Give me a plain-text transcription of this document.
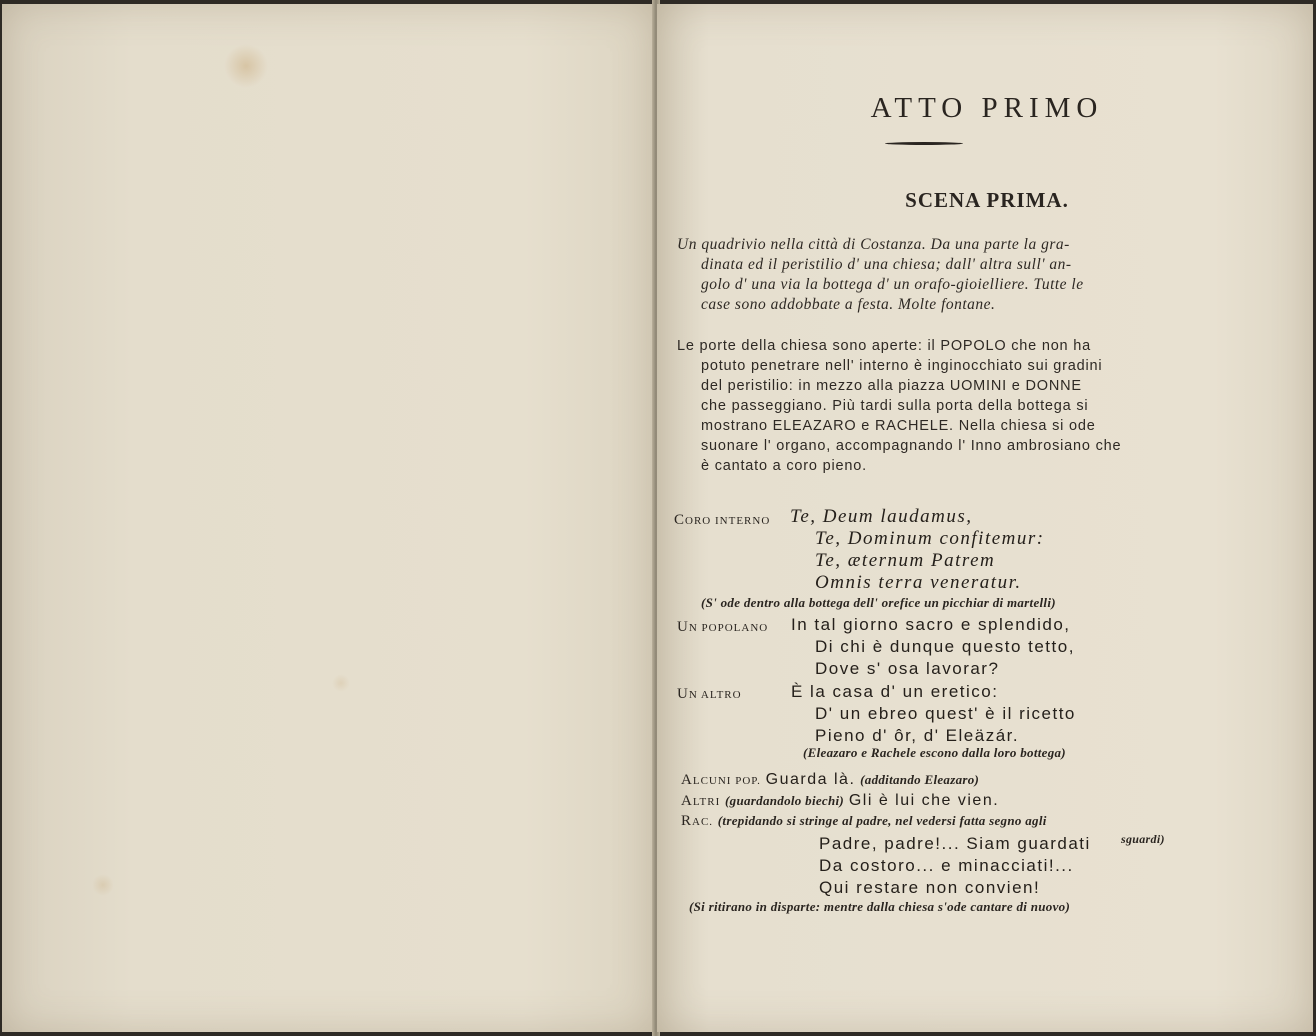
ATTO PRIMO
SCENA PRIMA.
Un quadrivio nella città di Costanza. Da una parte la gra-
dinata ed il peristilio d' una chiesa; dall' altra sull' an-
golo d' una via la bottega d' un orafo-gioielliere. Tutte le
case sono addobbate a festa. Molte fontane.
Le porte della chiesa sono aperte: il POPOLO che non ha
potuto penetrare nell' interno è inginocchiato sui gradini
del peristilio: in mezzo alla piazza UOMINI e DONNE
che passeggiano. Più tardi sulla porta della bottega si
mostrano ELEAZARO e RACHELE. Nella chiesa si ode
suonare l' organo, accompagnando l' Inno ambrosiano che
è cantato a coro pieno.
CORO INTERNO Te, Deum laudamus,
Te, Dominum confitemur:
Te, æternum Patrem
Omnis terra veneratur.
(S' ode dentro alla bottega dell' orefice un picchiar di martelli)
UN POPOLANO In tal giorno sacro e splendido,
Di chi è dunque questo tetto,
Dove s' osa lavorar?
UN ALTRO	È la casa d' un eretico:
D' un ebreo quest' è il ricetto
Pieno d' ôr, d' Eleäzár.
(Eleazaro e Rachele escono dalla loro bottega)
ALCUNI POP. Guarda là. (additando Eleazaro)
ALTRI (guardandolo biechi) Gli è lui che vien.
RAC. (trepidando si stringe al padre, nel vedersi fatta segno agli
Padre, padre!... Siam guardati	sguardi)
Da costoro... e minacciati!...
Qui restare non convien!
(Si ritirano in disparte: mentre dalla chiesa s'ode cantare di nuovo)
